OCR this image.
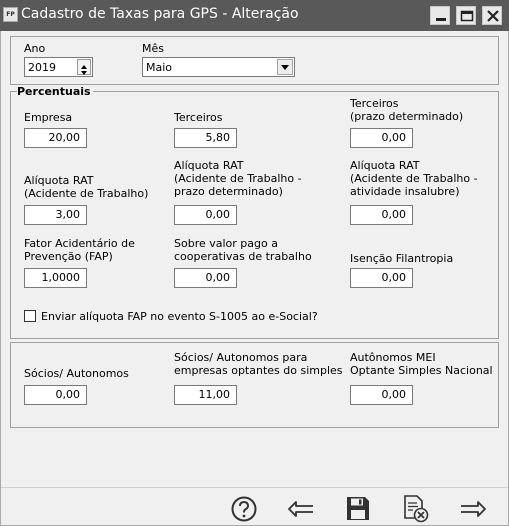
FP Cadastro de Taxas para GPS - Alteração
Ano
2019
Mês
Maio
Percentuais
Empresa
20,00
Terceiros
5,80
Terceiros
(prazo determinado)
0,00
Alíquota RAT
(Acidente de Trabalho)
3,00
Alíquota RAT
(Acidente de Trabalho -
prazo determinado)
0,00
Alíquota RAT
(Acidente de Trabalho -
atividade insalubre)
0,00
Fator Acidentário de
Prevenção (FAP)
1,0000
Sobre valor pago a
cooperativas de trabalho
0,00
Isenção Filantropia
0,00
Enviar alíquota FAP no evento S-1005 ao e-Social?
Sócios/ Autonomos
0,00
Sócios/ Autonomos para
empresas optantes do simples
11,00
Autônomos MEI
Optante Simples Nacional
0,00
